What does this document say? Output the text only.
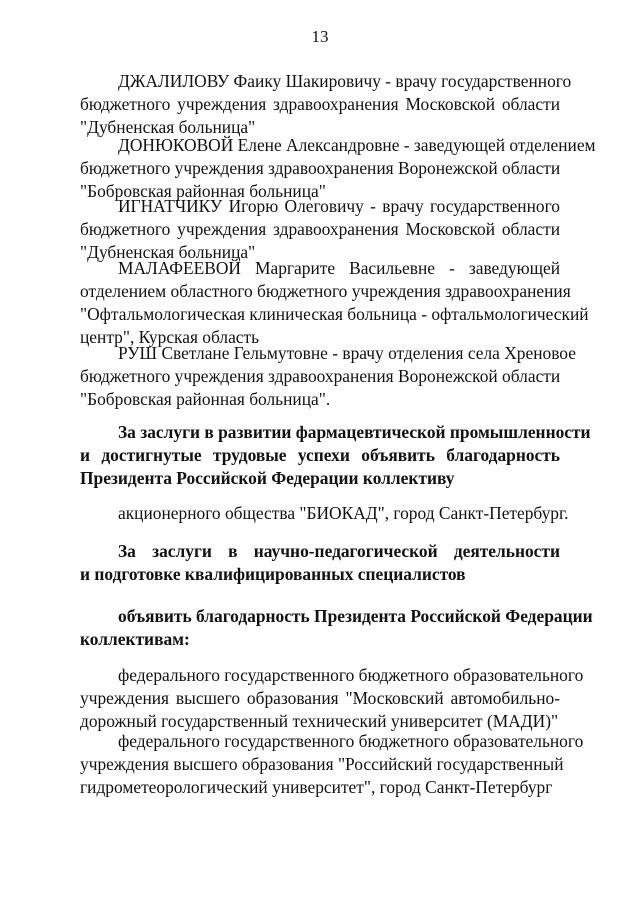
13
ДЖАЛИЛОВУ Фаику Шакировичу - врачу государственного
бюджетного учреждения здравоохранения Московской области
"Дубненская больница"
ДОНЮКОВОЙ Елене Александровне - заведующей отделением
бюджетного учреждения здравоохранения Воронежской области
"Бобровская районная больница"
ИГНАТЧИКУ Игорю Олеговичу - врачу государственного
бюджетного учреждения здравоохранения Московской области
"Дубненская больница"
МАЛАФЕЕВОЙ Маргарите Васильевне - заведующей
отделением областного бюджетного учреждения здравоохранения
"Офтальмологическая клиническая больница - офтальмологический
центр", Курская область
РУШ Светлане Гельмутовне - врачу отделения села Хреновое
бюджетного учреждения здравоохранения Воронежской области
"Бобровская районная больница".
За заслуги в развитии фармацевтической промышленности
и достигнутые трудовые успехи объявить благодарность
Президента Российской Федерации коллективу
акционерного общества "БИОКАД", город Санкт-Петербург.
За заслуги в научно-педагогической деятельности
и подготовке квалифицированных специалистов
объявить благодарность Президента Российской Федерации
коллективам:
федерального государственного бюджетного образовательного
учреждения высшего образования "Московский автомобильно-
дорожный государственный технический университет (МАДИ)"
федерального государственного бюджетного образовательного
учреждения высшего образования "Российский государственный
гидрометеорологический университет", город Санкт-Петербург
